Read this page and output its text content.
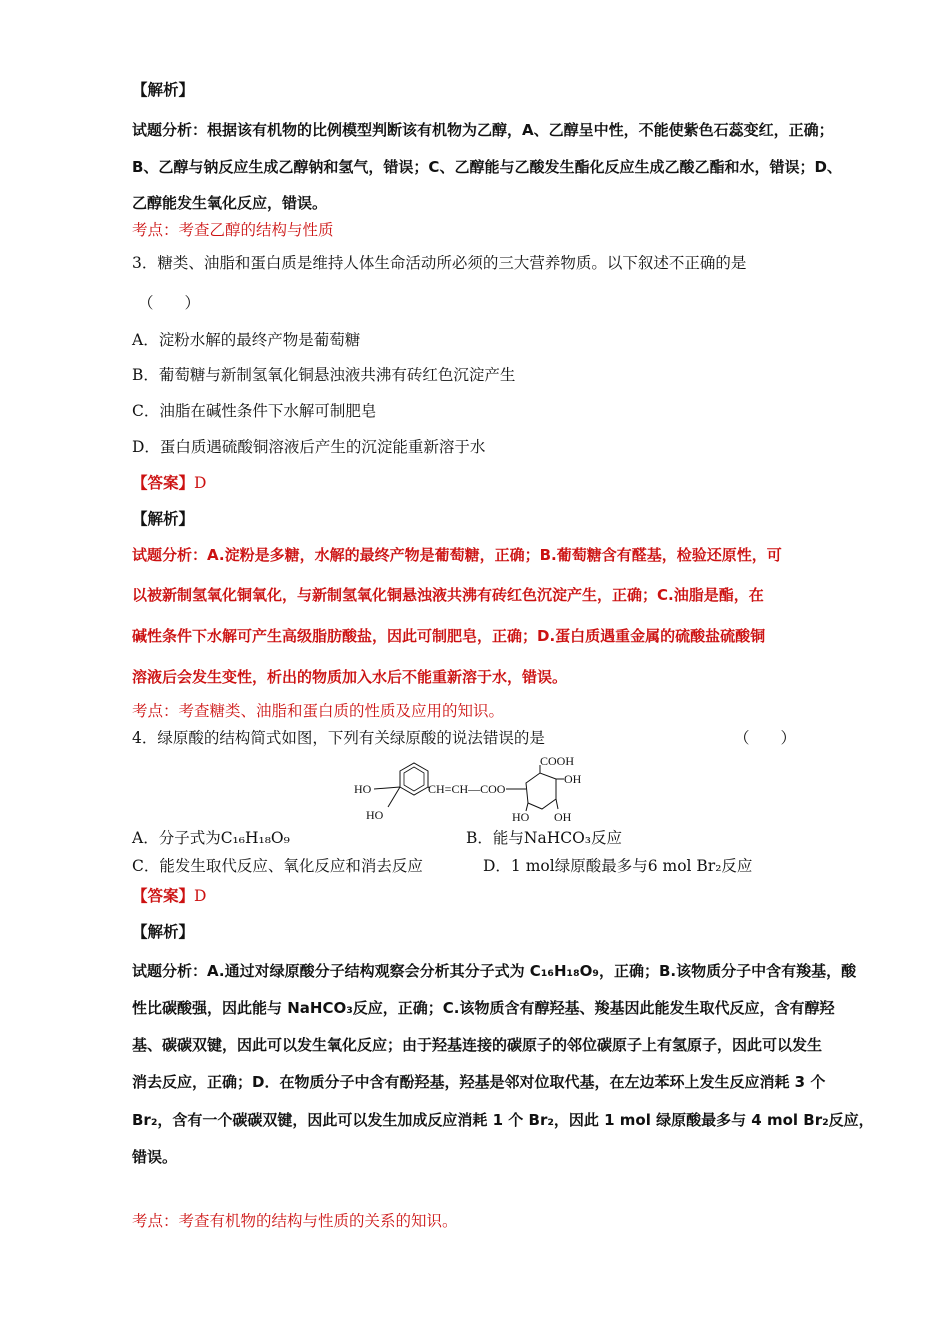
【解析】
试题分析：根据该有机物的比例模型判断该有机物为乙醇，A、乙醇呈中性，不能使紫色石蕊变红，正确；
B、乙醇与钠反应生成乙醇钠和氢气，错误；C、乙醇能与乙酸发生酯化反应生成乙酸乙酯和水，错误；D、
乙醇能发生氧化反应，错误。
考点：考查乙醇的结构与性质
3．糖类、油脂和蛋白质是维持人体生命活动所必须的三大营养物质。以下叙述不正确的是
（　　）
A．淀粉水解的最终产物是葡萄糖
B．葡萄糖与新制氢氧化铜悬浊液共沸有砖红色沉淀产生
C．油脂在碱性条件下水解可制肥皂
D．蛋白质遇硫酸铜溶液后产生的沉淀能重新溶于水
【答案】D
【解析】
试题分析：A.淀粉是多糖，水解的最终产物是葡萄糖，正确；B.葡萄糖含有醛基，检验还原性，可
以被新制氢氧化铜氧化，与新制氢氧化铜悬浊液共沸有砖红色沉淀产生，正确；C.油脂是酯，在
碱性条件下水解可产生高级脂肪酸盐，因此可制肥皂，正确；D.蛋白质遇重金属的硫酸盐硫酸铜
溶液后会发生变性，析出的物质加入水后不能重新溶于水，错误。
考点：考查糖类、油脂和蛋白质的性质及应用的知识。
4．绿原酸的结构简式如图，下列有关绿原酸的说法错误的是	（　　）
HO
HO
CH=CH—COO
COOH
OH
HO OH
A．分子式为C₁₆H₁₈O₉	B．能与NaHCO₃反应
C．能发生取代反应、氧化反应和消去反应	D．1 mol绿原酸最多与6 mol Br₂反应
【答案】D
【解析】
试题分析：A.通过对绿原酸分子结构观察会分析其分子式为 C₁₆H₁₈O₉，正确；B.该物质分子中含有羧基，酸
性比碳酸强，因此能与 NaHCO₃反应，正确；C.该物质含有醇羟基、羧基因此能发生取代反应，含有醇羟
基、碳碳双键，因此可以发生氧化反应；由于羟基连接的碳原子的邻位碳原子上有氢原子，因此可以发生
消去反应，正确；D．在物质分子中含有酚羟基，羟基是邻对位取代基，在左边苯环上发生反应消耗 3 个
Br₂，含有一个碳碳双键，因此可以发生加成反应消耗 1 个 Br₂，因此 1 mol 绿原酸最多与 4 mol Br₂反应，
错误。
考点：考查有机物的结构与性质的关系的知识。
